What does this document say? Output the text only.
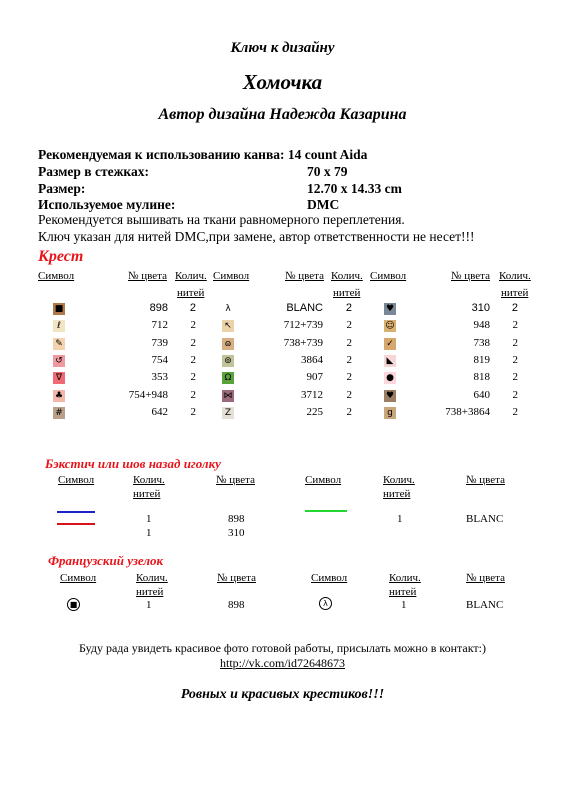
Ключ к дизайну
Хомочка
Автор дизайна Надежда Казарина
Рекомендуемая к использованию канва: 14 count Aida
Размер в стежках:	70 x 79
Размер:	12.70 x 14.33 cm
Используемое мулине:	DMC
Рекомендуется вышивать на ткани равномерного переплетения.
Ключ указан для нитей DMC,при замене, автор ответственности не несет!!!
Крест
Символ	№ цвета Колич.
нитей
Символ	№ цвета Колич.
нитей
Символ	№ цвета Колич.
нитей
■	898 2	λ	BLANC 2	♥	310 2
ℓ	712 2	↖	712+739 2	☺	948 2
✎	739 2	ɷ	738+739 2	✓	738 2
↺	754 2	⊚	3864 2	◣	819 2
∇	353 2	Ω	907 2	●	818 2
♣	754+948 2	⋈	3712 2	♥	640 2
#	642 2	Z	225 2	g	738+3864 2
Бэкстич или шов назад иголку
Символ	Колич.
нитей
№ цвета	Символ	Колич.
нитей
№ цвета
1	898
1	310
1	BLANC
Французский узелок
Символ	Колич.
нитей
№ цвета	Символ	Колич.
нитей
№ цвета
■	1	898	λ	1	BLANC
Буду рада увидеть красивое фото готовой работы, присылать можно в контакт:)
http://vk.com/id72648673
Ровных и красивых крестиков!!!
